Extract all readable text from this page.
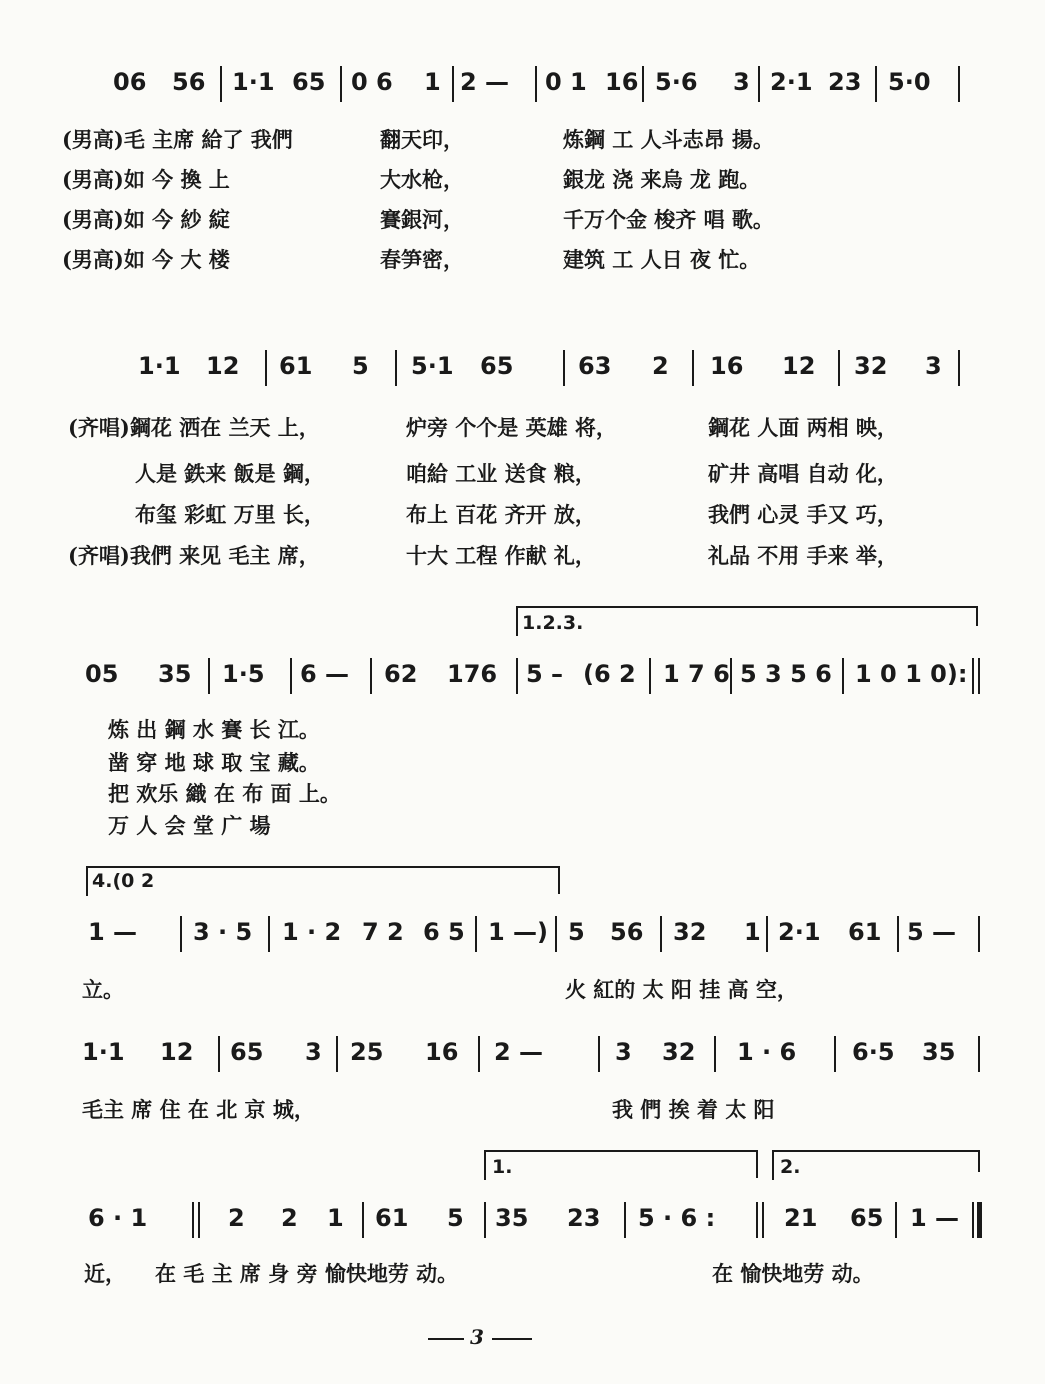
06 56 1·1 65 0 6 1 2 — 0 1 16 5·6 3 2·1 23 5·0
(男高)毛 主席 給了 我們	翻天印，	炼鋼 工 人斗志昂 揚。
(男高)如 今 換 上	大水枪，	銀龙 浇 来烏 龙 跑。
(男高)如 今 紗 綻	賽銀河，	千万个金 梭齐 唱 歌。
(男高)如 今 大 楼	春笋密，	建筑 工 人日 夜 忙。
1·1 12 61 5 5·1 65	63 2 16 12 32 3
(齐唱)鋼花 洒在 兰天 上，	炉旁 个个是 英雄 将，	鋼花 人面 两相 映，
人是 鉄来 飯是 鋼，	咱給 工业 送食 粮，	矿井 高唱 自动 化，
布玺 彩虹 万里 长，	布上 百花 齐开 放，	我們 心灵 手又 巧，
(齐唱)我們 来见 毛主 席，	十大 工程 作献 礼，	礼品 不用 手来 举，
1.2.3.
05 35 1·5 6 — 62 176 5 – (6 2 1 7 6 5 3 5 6 1 0 1 0):
炼 出 鋼 水 賽 长 江。
凿 穿 地 球 取 宝 藏。
把 欢乐 織 在 布 面 上。
万 人 会 堂 广 場
4.(0 2
1 — 3 · 5 1 · 2 7 2 6 5 1 —) 5 56 32 1 2·1 61 5 —
立。	火 紅的 太 阳 挂 高 空，
1·1 12 65 3 25 16 2 —	3 32 1 · 6 6·5 35
毛主 席 住 在 北 京 城，	我 們 挨 着 太 阳
1.	2.
6 · 1	2 2 1 61 5 35 23 5 · 6 :	21 65 1 —
近， 在 毛 主 席 身 旁 愉快地劳 动。	在 愉快地劳 动。
3
